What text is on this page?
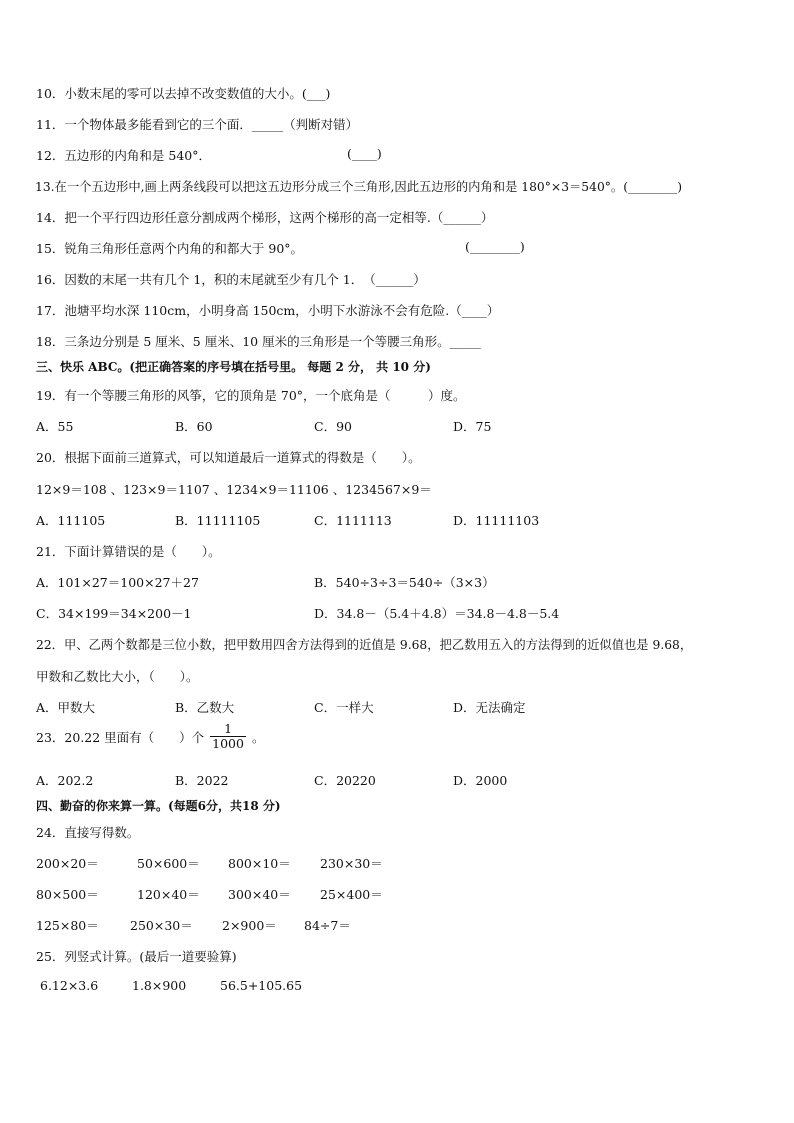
10．小数末尾的零可以去掉不改变数值的大小。(___)
11．一个物体最多能看到它的三个面．_____（判断对错）
12．五边形的内角和是 540°．	(____)
13.在一个五边形中,画上两条线段可以把这五边形分成三个三角形,因此五边形的内角和是 180°×3＝540°。(________)
14．把一个平行四边形任意分割成两个梯形，这两个梯形的高一定相等.（______）
15．锐角三角形任意两个内角的和都大于 90°。	(________)
16．因数的末尾一共有几个 1，积的末尾就至少有几个 1．　（______）
17．池塘平均水深 110cm，小明身高 150cm，小明下水游泳不会有危险.（____）
18．三条边分别是 5 厘米、5 厘米、10 厘米的三角形是一个等腰三角形。_____
三、快乐 ABC。(把正确答案的序号填在括号里。 每题 2 分， 共 10 分)
19．有一个等腰三角形的风筝，它的顶角是 70°，一个底角是（　　　）度。
A．55	B．60	C．90	D．75
20．根据下面前三道算式，可以知道最后一道算式的得数是（　　）。
12×9＝108 、123×9＝1107 、1234×9＝11106 、1234567×9＝
A．111105	B．11111105	C．1111113	D．11111103
21．下面计算错误的是（　　）。
A．101×27＝100×27＋27	B．540÷3÷3＝540÷（3×3）
C．34×199＝34×200－1	D．34.8－（5.4＋4.8）＝34.8－4.8－5.4
22．甲、乙两个数都是三位小数，把甲数用四舍方法得到的近值是 9.68，把乙数用五入的方法得到的近似值也是 9.68，
甲数和乙数比大小，（　　）。
A．甲数大	B．乙数大	C．一样大	D．无法确定
23．20.22 里面有（　　）个 $\frac{1}{1000}$ 。
A．202.2	B．2022	C．20220	D．2000
四、勤奋的你来算一算。(每题6分，共18 分)
24．直接写得数。
200×20＝	50×600＝ 800×10＝ 230×30＝
80×500＝	120×40＝ 300×40＝ 25×400＝
125×80＝	250×30＝ 2×900＝ 84÷7＝
25．列竖式计算。(最后一道要验算)
6.12×3.6	1.8×900	56.5+105.65
